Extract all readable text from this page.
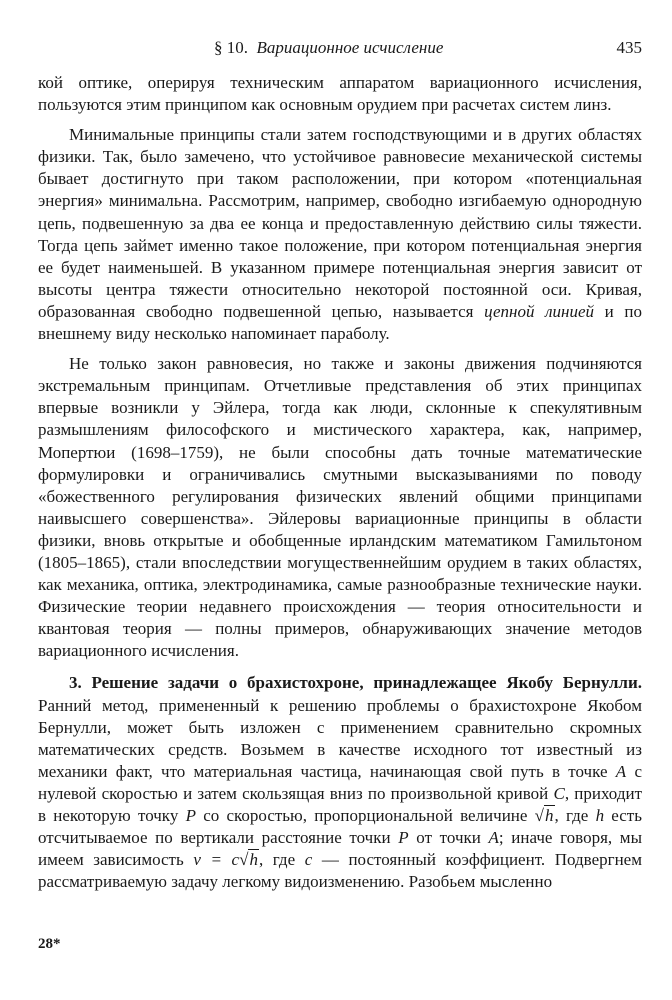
§ 10. Вариационное исчисление	435

кой оптике, оперируя техническим аппаратом вариационного исчисления, пользуются этим принципом как основным орудием при расчетах систем линз.

Минимальные принципы стали затем господствующими и в других областях физики. Так, было замечено, что устойчивое равновесие механической системы бывает достигнуто при таком расположении, при котором «потенциальная энергия» минимальна. Рассмотрим, например, свободно изгибаемую однородную цепь, подвешенную за два ее конца и предоставленную действию силы тяжести. Тогда цепь займет именно такое положение, при котором потенциальная энергия ее будет наименьшей. В указанном примере потенциальная энергия зависит от высоты центра тяжести относительно некоторой постоянной оси. Кривая, образованная свободно подвешенной цепью, называется цепной линией и по внешнему виду несколько напоминает параболу.

Не только закон равновесия, но также и законы движения подчиняются экстремальным принципам. Отчетливые представления об этих принципах впервые возникли у Эйлера, тогда как люди, склонные к спекулятивным размышлениям философского и мистического характера, как, например, Мопертюи (1698–1759), не были способны дать точные математические формулировки и ограничивались смутными высказываниями по поводу «божественного регулирования физических явлений общими принципами наивысшего совершенства». Эйлеровы вариационные принципы в области физики, вновь открытые и обобщенные ирландским математиком Гамильтоном (1805–1865), стали впоследствии могущественнейшим орудием в таких областях, как механика, оптика, электродинамика, самые разнообразные технические науки. Физические теории недавнего происхождения — теория относительности и квантовая теория — полны примеров, обнаруживающих значение методов вариационного исчисления.

3. Решение задачи о брахистохроне, принадлежащее Якобу Бернулли. Ранний метод, примененный к решению проблемы о брахистохроне Якобом Бернулли, может быть изложен с применением сравнительно скромных математических средств. Возьмем в качестве исходного тот известный из механики факт, что материальная частица, начинающая свой путь в точке A с нулевой скоростью и затем скользящая вниз по произвольной кривой C, приходит в некоторую точку P со скоростью, пропорциональной величине √h, где h есть отсчитываемое по вертикали расстояние точки P от точки A; иначе говоря, мы имеем зависимость v = c√h, где c — постоянный коэффициент. Подвергнем рассматриваемую задачу легкому видоизменению. Разобьем мысленно

28*
